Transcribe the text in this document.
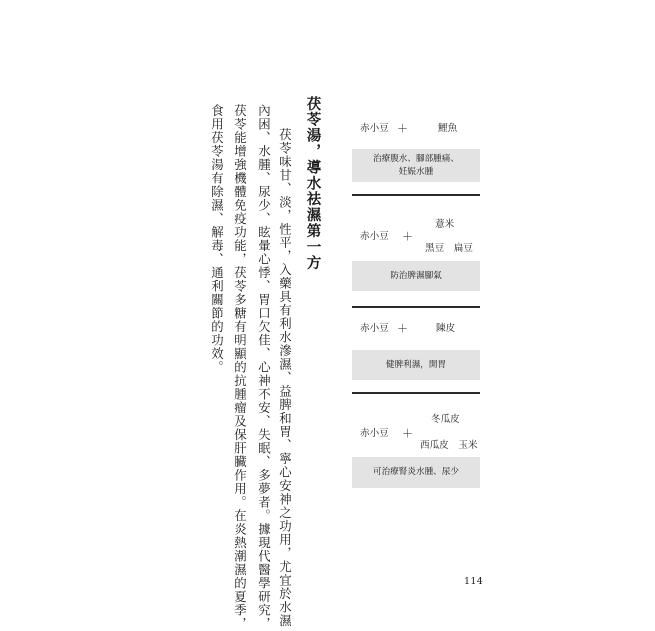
茯苓湯，導水祛濕第一方
茯苓味甘、淡，性平，入藥具有利水滲濕、益脾和胃、寧心安神之功用，尤宜於水濕
內困、水腫、尿少、眩暈心悸、胃口欠佳、心神不安、失眠、多夢者。據現代醫學研究，
茯苓能增強機體免疫功能，茯苓多糖有明顯的抗腫瘤及保肝臟作用。在炎熱潮濕的夏季，
食用茯苓湯有除濕、解毒、通利關節的功效。	赤小豆 ＋	鯉魚
治療腹水、腳部腫痛、
妊娠水腫
薏米
赤小豆 ＋
黑豆　扁豆
防治脾濕腳氣
赤小豆 ＋	陳皮
健脾利濕，開胃
冬瓜皮
赤小豆 ＋
西瓜皮　玉米
可治療腎炎水腫、尿少
114
